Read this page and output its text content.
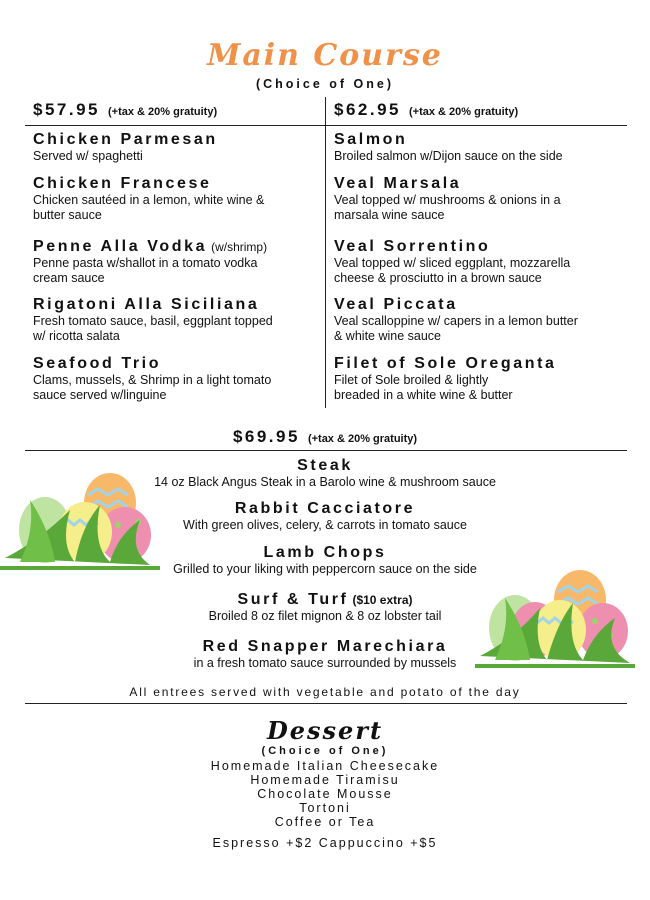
Main Course
(Choice of One)
$57.95 (+tax & 20% gratuity)	$62.95 (+tax & 20% gratuity)
Chicken Parmesan
Served w/ spaghetti
Chicken Francese
Chicken sautéed in a lemon, white wine &
butter sauce
Penne Alla Vodka (w/shrimp)
Penne pasta w/shallot in a tomato vodka
cream sauce
Rigatoni Alla Siciliana
Fresh tomato sauce, basil, eggplant topped
w/ ricotta salata
Seafood Trio
Clams, mussels, & Shrimp in a light tomato
sauce served w/linguine
Salmon
Broiled salmon w/Dijon sauce on the side
Veal Marsala
Veal topped w/ mushrooms & onions in a
marsala wine sauce
Veal Sorrentino
Veal topped w/ sliced eggplant, mozzarella
cheese & prosciutto in a brown sauce
Veal Piccata
Veal scalloppine w/ capers in a lemon butter
& white wine sauce
Filet of Sole Oreganta
Filet of Sole broiled & lightly
breaded in a white wine & butter
$69.95 (+tax & 20% gratuity)
Steak
14 oz Black Angus Steak in a Barolo wine & mushroom sauce
Rabbit Cacciatore
With green olives, celery, & carrots in tomato sauce
Lamb Chops
Grilled to your liking with peppercorn sauce on the side
Surf & Turf ($10 extra)
Broiled 8 oz filet mignon & 8 oz lobster tail
Red Snapper Marechiara
in a fresh tomato sauce surrounded by mussels
All entrees served with vegetable and potato of the day
Dessert
(Choice of One)
Homemade Italian Cheesecake
Homemade Tiramisu
Chocolate Mousse
Tortoni
Coffee or Tea
Espresso +$2 Cappuccino +$5
